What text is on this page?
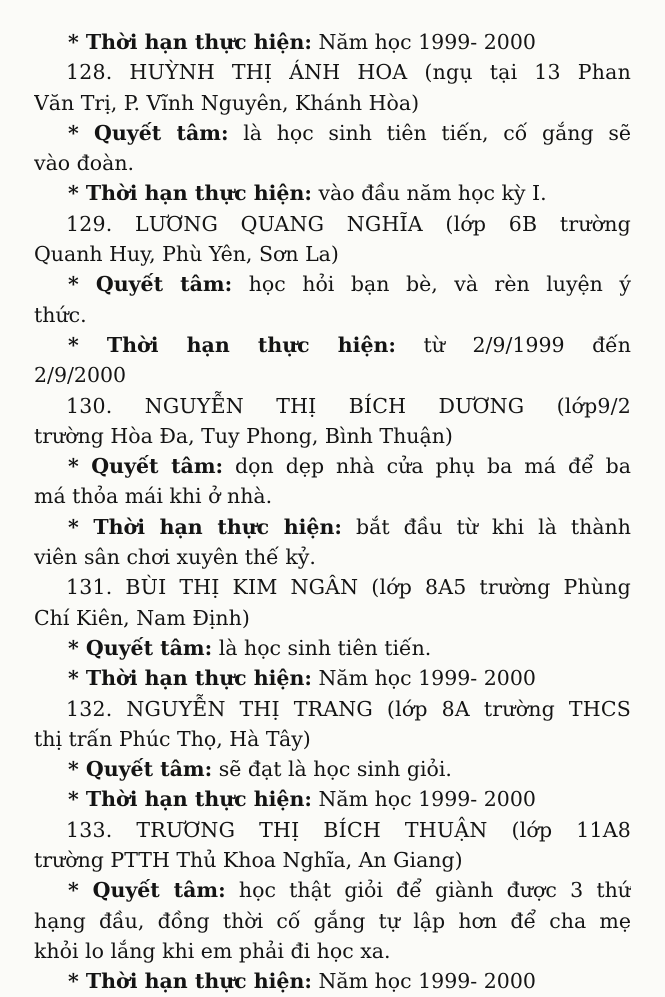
* Thời hạn thực hiện: Năm học 1999- 2000
128. HUỲNH THỊ ÁNH HOA (ngụ tại 13 Phan
Văn Trị, P. Vĩnh Nguyên, Khánh Hòa)
* Quyết tâm: là học sinh tiên tiến, cố gắng sẽ
vào đoàn.
* Thời hạn thực hiện: vào đầu năm học kỳ I.
129. LƯƠNG QUANG NGHĨA (lớp 6B trường
Quanh Huy, Phù Yên, Sơn La)
* Quyết tâm: học hỏi bạn bè, và rèn luyện ý
thức.
* Thời hạn thực hiện: từ 2/9/1999 đến
2/9/2000
130. NGUYỄN THỊ BÍCH DƯƠNG (lớp9/2
trường Hòa Đa, Tuy Phong, Bình Thuận)
* Quyết tâm: dọn dẹp nhà cửa phụ ba má để ba
má thỏa mái khi ở nhà.
* Thời hạn thực hiện: bắt đầu từ khi là thành
viên sân chơi xuyên thế kỷ.
131. BÙI THỊ KIM NGÂN (lớp 8A5 trường Phùng
Chí Kiên, Nam Định)
* Quyết tâm: là học sinh tiên tiến.
* Thời hạn thực hiện: Năm học 1999- 2000
132. NGUYỄN THỊ TRANG (lớp 8A trường THCS
thị trấn Phúc Thọ, Hà Tây)
* Quyết tâm: sẽ đạt là học sinh giỏi.
* Thời hạn thực hiện: Năm học 1999- 2000
133. TRƯƠNG THỊ BÍCH THUẬN (lớp 11A8
trường PTTH Thủ Khoa Nghĩa, An Giang)
* Quyết tâm: học thật giỏi để giành được 3 thứ
hạng đầu, đồng thời cố gắng tự lập hơn để cha mẹ
khỏi lo lắng khi em phải đi học xa.
* Thời hạn thực hiện: Năm học 1999- 2000
